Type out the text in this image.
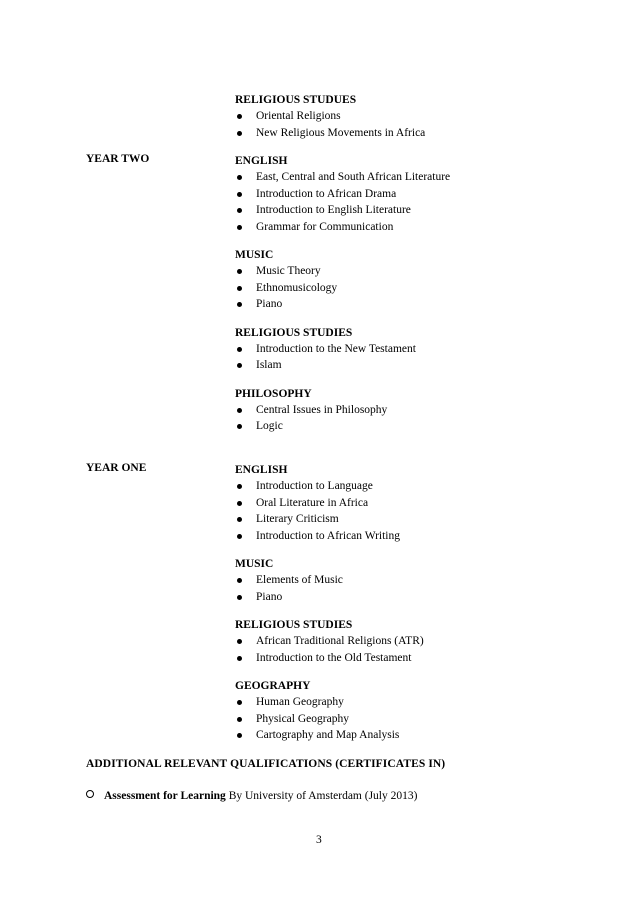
RELIGIOUS STUDUES
Oriental Religions
New Religious Movements in Africa
YEAR TWO	ENGLISH
East, Central and South African Literature
Introduction to African Drama
Introduction to English Literature
Grammar for Communication
MUSIC
Music Theory
Ethnomusicology
Piano
RELIGIOUS STUDIES
Introduction to the New Testament
Islam
PHILOSOPHY
Central Issues in Philosophy
Logic
YEAR ONE	ENGLISH
Introduction to Language
Oral Literature in Africa
Literary Criticism
Introduction to African Writing
MUSIC
Elements of Music
Piano
RELIGIOUS STUDIES
African Traditional Religions (ATR)
Introduction to the Old Testament
GEOGRAPHY
Human Geography
Physical Geography
Cartography and Map Analysis
ADDITIONAL RELEVANT QUALIFICATIONS (CERTIFICATES IN)
Assessment for Learning By University of Amsterdam (July 2013)
3
